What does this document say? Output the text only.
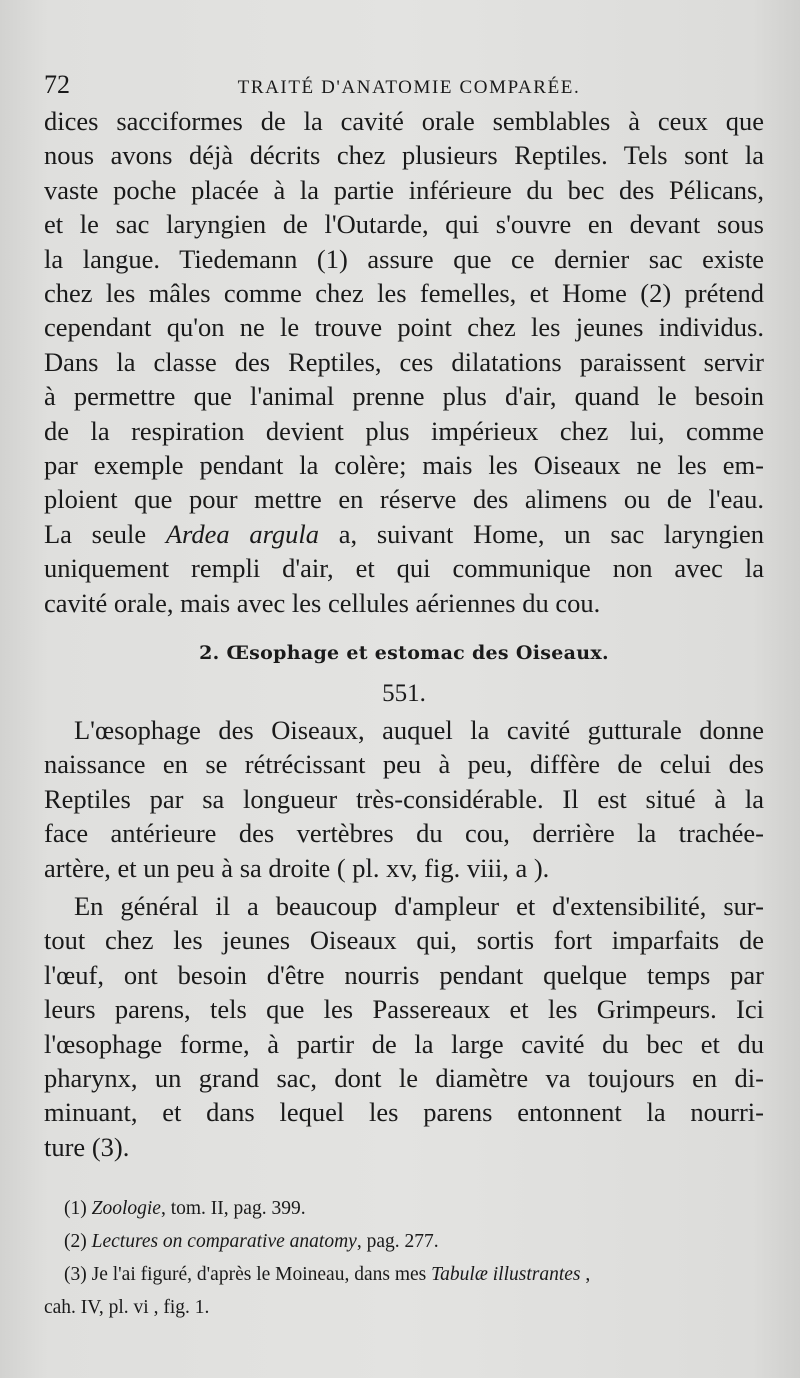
72	TRAITÉ D'ANATOMIE COMPARÉE.

dices sacciformes de la cavité orale semblables à ceux que
nous avons déjà décrits chez plusieurs Reptiles. Tels sont la
vaste poche placée à la partie inférieure du bec des Pélicans,
et le sac laryngien de l'Outarde, qui s'ouvre en devant sous
la langue. Tiedemann (1) assure que ce dernier sac existe
chez les mâles comme chez les femelles, et Home (2) prétend
cependant qu'on ne le trouve point chez les jeunes individus.
Dans la classe des Reptiles, ces dilatations paraissent servir
à permettre que l'animal prenne plus d'air, quand le besoin
de la respiration devient plus impérieux chez lui, comme
par exemple pendant la colère; mais les Oiseaux ne les em-
ploient que pour mettre en réserve des alimens ou de l'eau.
La seule Ardea argula a, suivant Home, un sac laryngien
uniquement rempli d'air, et qui communique non avec la
cavité orale, mais avec les cellules aériennes du cou.

2. Œsophage et estomac des Oiseaux.
551.

L'œsophage des Oiseaux, auquel la cavité gutturale donne
naissance en se rétrécissant peu à peu, diffère de celui des
Reptiles par sa longueur très-considérable. Il est situé à la
face antérieure des vertèbres du cou, derrière la trachée-
artère, et un peu à sa droite ( pl. xv, fig. viii, a ).

En général il a beaucoup d'ampleur et d'extensibilité, sur-
tout chez les jeunes Oiseaux qui, sortis fort imparfaits de
l'œuf, ont besoin d'être nourris pendant quelque temps par
leurs parens, tels que les Passereaux et les Grimpeurs. Ici
l'œsophage forme, à partir de la large cavité du bec et du
pharynx, un grand sac, dont le diamètre va toujours en di-
minuant, et dans lequel les parens entonnent la nourri-
ture (3).

(1) Zoologie, tom. II, pag. 399.
(2) Lectures on comparative anatomy, pag. 277.
(3) Je l'ai figuré, d'après le Moineau, dans mes Tabulæ illustrantes ,
cah. IV, pl. vi , fig. 1.
